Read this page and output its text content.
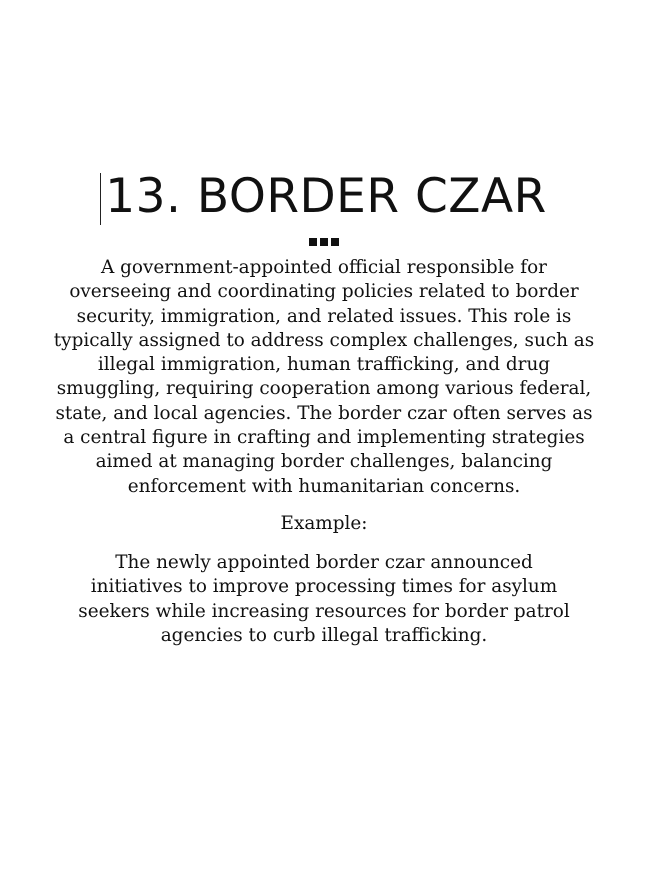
13. BORDER CZAR

A government-appointed official responsible for overseeing and coordinating policies related to border security, immigration, and related issues. This role is typically assigned to address complex challenges, such as illegal immigration, human trafficking, and drug smuggling, requiring cooperation among various federal, state, and local agencies. The border czar often serves as a central figure in crafting and implementing strategies aimed at managing border challenges, balancing enforcement with humanitarian concerns.

Example:

The newly appointed border czar announced initiatives to improve processing times for asylum seekers while increasing resources for border patrol agencies to curb illegal trafficking.
